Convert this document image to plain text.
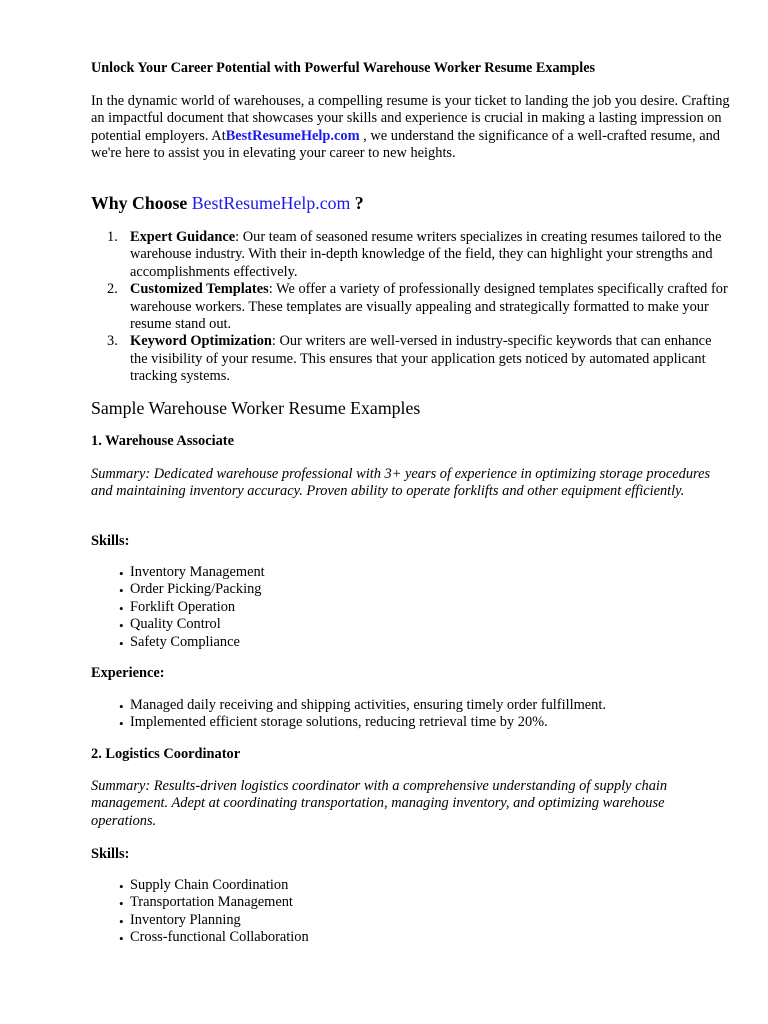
Unlock Your Career Potential with Powerful Warehouse Worker Resume Examples

In the dynamic world of warehouses, a compelling resume is your ticket to landing the job you desire. Crafting an impactful document that showcases your skills and experience is crucial in making a lasting impression on potential employers. AtBestResumeHelp.com , we understand the significance of a well-crafted resume, and we're here to assist you in elevating your career to new heights.

Why Choose BestResumeHelp.com ?

1. Expert Guidance: Our team of seasoned resume writers specializes in creating resumes tailored to the warehouse industry. With their in-depth knowledge of the field, they can highlight your strengths and accomplishments effectively.
2. Customized Templates: We offer a variety of professionally designed templates specifically crafted for warehouse workers. These templates are visually appealing and strategically formatted to make your resume stand out.
3. Keyword Optimization: Our writers are well-versed in industry-specific keywords that can enhance the visibility of your resume. This ensures that your application gets noticed by automated applicant tracking systems.

Sample Warehouse Worker Resume Examples

1. Warehouse Associate

Summary: Dedicated warehouse professional with 3+ years of experience in optimizing storage procedures and maintaining inventory accuracy. Proven ability to operate forklifts and other equipment efficiently.

Skills:

• Inventory Management
• Order Picking/Packing
• Forklift Operation
• Quality Control
• Safety Compliance

Experience:

• Managed daily receiving and shipping activities, ensuring timely order fulfillment.
• Implemented efficient storage solutions, reducing retrieval time by 20%.

2. Logistics Coordinator

Summary: Results-driven logistics coordinator with a comprehensive understanding of supply chain management. Adept at coordinating transportation, managing inventory, and optimizing warehouse operations.

Skills:

• Supply Chain Coordination
• Transportation Management
• Inventory Planning
• Cross-functional Collaboration
